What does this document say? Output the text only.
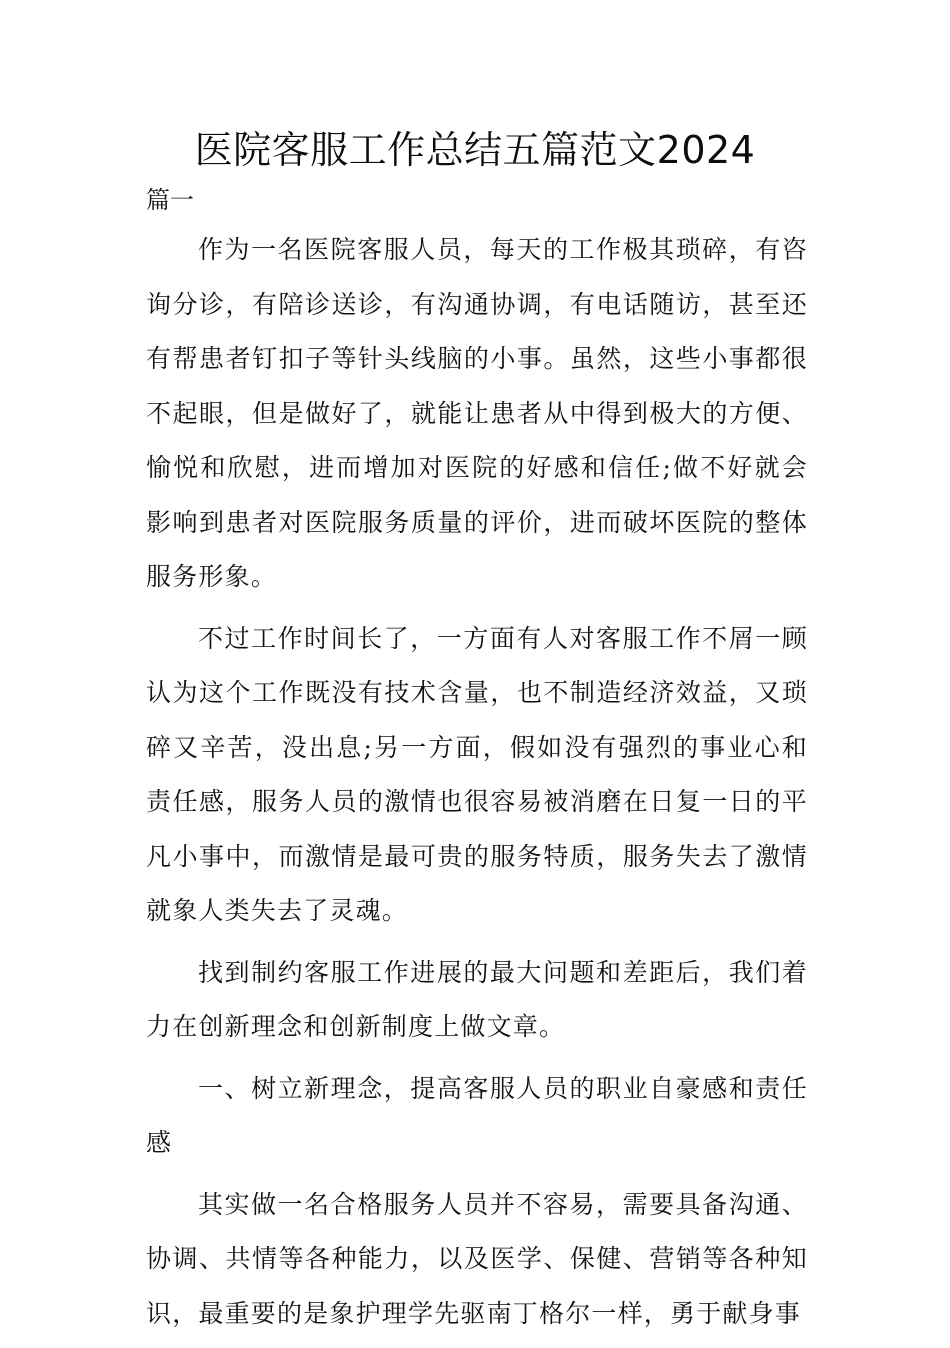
医院客服工作总结五篇范文2024
篇一

作为一名医院客服人员，每天的工作极其琐碎，有咨询分诊，有陪诊送诊，有沟通协调，有电话随访，甚至还有帮患者钉扣子等针头线脑的小事。虽然，这些小事都很不起眼，但是做好了，就能让患者从中得到极大的方便、愉悦和欣慰，进而增加对医院的好感和信任;做不好就会影响到患者对医院服务质量的评价，进而破坏医院的整体服务形象。

不过工作时间长了，一方面有人对客服工作不屑一顾认为这个工作既没有技术含量，也不制造经济效益，又琐碎又辛苦，没出息;另一方面，假如没有强烈的事业心和责任感，服务人员的激情也很容易被消磨在日复一日的平凡小事中，而激情是最可贵的服务特质，服务失去了激情就象人类失去了灵魂。

找到制约客服工作进展的最大问题和差距后，我们着力在创新理念和创新制度上做文章。

一、树立新理念，提高客服人员的职业自豪感和责任感

其实做一名合格服务人员并不容易，需要具备沟通、协调、共情等各种能力，以及医学、保健、营销等各种知识，最重要的是象护理学先驱南丁格尔一样，勇于献身事
